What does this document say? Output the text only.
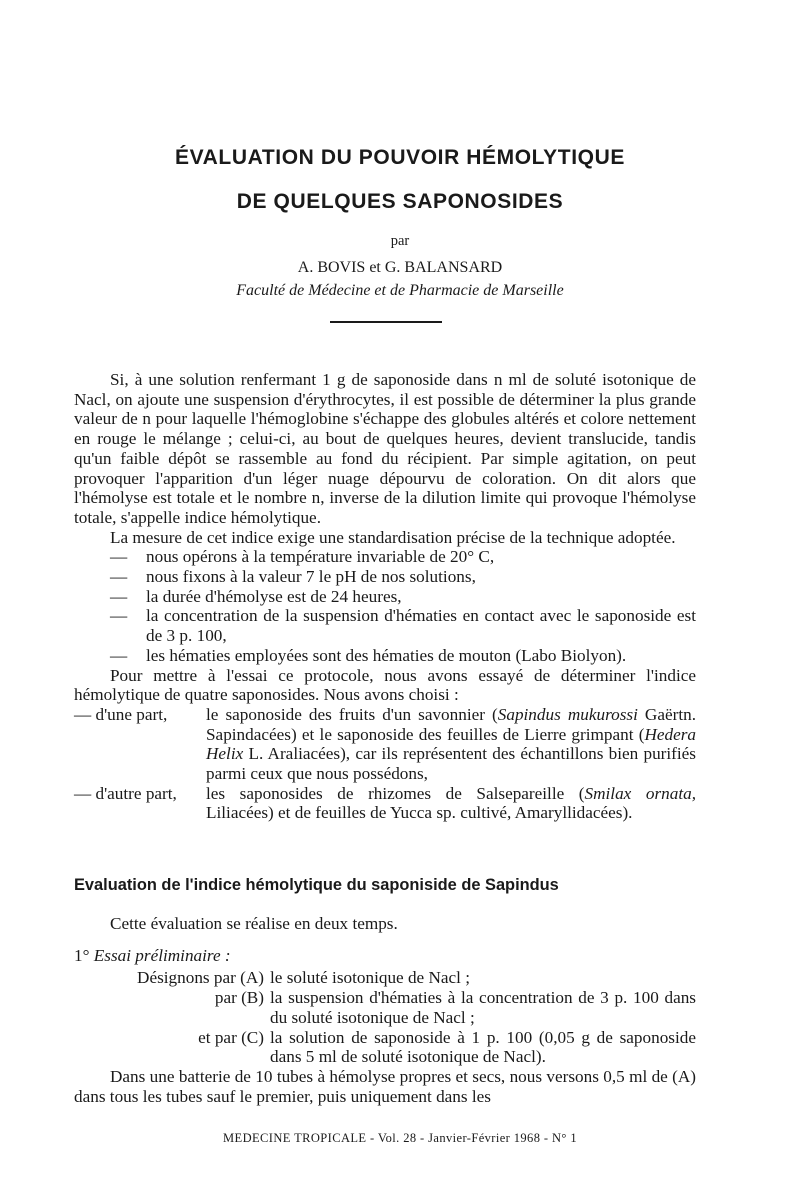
ÉVALUATION DU POUVOIR HÉMOLYTIQUE
DE QUELQUES SAPONOSIDES
par
A. BOVIS et G. BALANSARD
Faculté de Médecine et de Pharmacie de Marseille

Si, à une solution renfermant 1 g de saponoside dans n ml de soluté isotonique de Nacl, on ajoute une suspension d'érythrocytes, il est possible de déterminer la plus grande valeur de n pour laquelle l'hémoglobine s'échappe des globules altérés et colore nettement en rouge le mélange ; celui-ci, au bout de quelques heures, devient translucide, tandis qu'un faible dépôt se rassemble au fond du récipient. Par simple agitation, on peut provoquer l'apparition d'un léger nuage dépourvu de coloration. On dit alors que l'hémolyse est totale et le nombre n, inverse de la dilution limite qui provoque l'hémolyse totale, s'appelle indice hémolytique.

La mesure de cet indice exige une standardisation précise de la technique adoptée.

—	nous opérons à la température invariable de 20° C,
—	nous fixons à la valeur 7 le pH de nos solutions,
—	la durée d'hémolyse est de 24 heures,
—	la concentration de la suspension d'hématies en contact avec le saponoside est de 3 p. 100,
—	les hématies employées sont des hématies de mouton (Labo Biolyon).

Pour mettre à l'essai ce protocole, nous avons essayé de déterminer l'indice hémolytique de quatre saponosides. Nous avons choisi :

— d'une part,	le saponoside des fruits d'un savonnier (Sapindus mukurossi Gaërtn. Sapindacées) et le saponoside des feuilles de Lierre grimpant (Hedera Helix L. Araliacées), car ils représentent des échantillons bien purifiés parmi ceux que nous possédons,
— d'autre part,	les saponosides de rhizomes de Salsepareille (Smilax ornata, Liliacées) et de feuilles de Yucca sp. cultivé, Amaryllidacées).
Evaluation de l'indice hémolytique du saponiside de Sapindus

Cette évaluation se réalise en deux temps.

1° Essai préliminaire :

Désignons par (A) le soluté isotonique de Nacl ;
par (B) la suspension d'hématies à la concentration de 3 p. 100 dans du soluté isotonique de Nacl ;
et par (C) la solution de saponoside à 1 p. 100 (0,05 g de saponoside dans 5 ml de soluté isotonique de Nacl).

Dans une batterie de 10 tubes à hémolyse propres et secs, nous versons 0,5 ml de (A) dans tous les tubes sauf le premier, puis uniquement dans les

MEDECINE TROPICALE - Vol. 28 - Janvier-Février 1968 - N° 1
